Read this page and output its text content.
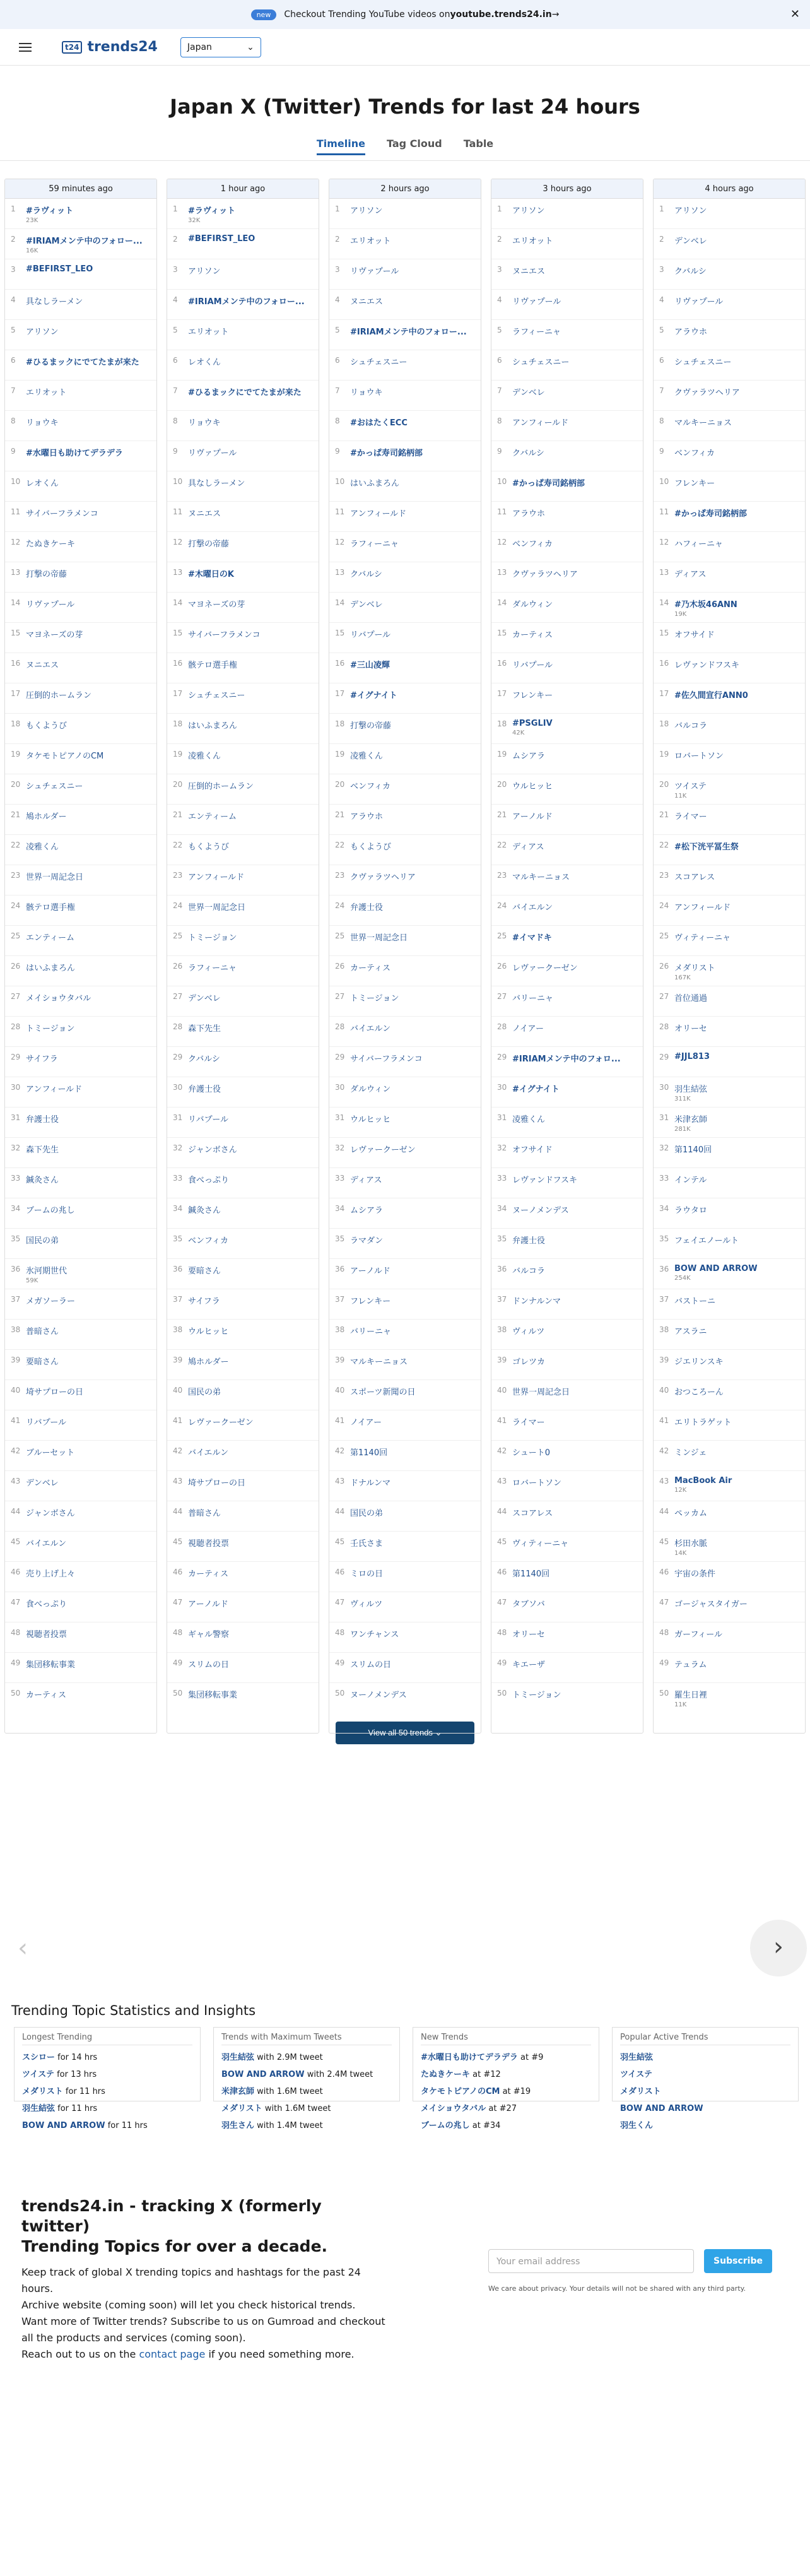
new	Checkout Trending YouTube videos on youtube.trends24.in →	✕
t24 trends24	Japan	⌄
Japan X (Twitter) Trends for last 24 hours
Timeline Tag Cloud Table
59 minutes ago
1	#ラヴィット
23K
2	#IRIAMメンテ中のフォロー...
16K
3	#BEFIRST_LEO
4	具なしラーメン
5	アリソン
6	#ひるまックにでてたまが来た
7	エリオット
8	リョウキ
9	#水曜日も助けてデラデラ
10 レオくん
11 サイバーフラメンコ
12 たぬきケーキ
13 打撃の帝藤
14 リヴァプール
15 マヨネーズの芽
16 ヌニエス
17 圧倒的ホームラン
18 もくようび
19 タケモトピアノのCM
20 シュチェスニー
21 鳩ホルダー
22 凌雅くん
23 世界一周記念日
24 骸テロ選手権
25 エンティーム
26 はいふまろん
27 メイショウタバル
28 トミージョン
29 サイフラ
30 アンフィールド
31 弁護士役
32 森下先生
33 鍼灸さん
34 ブームの兆し
35 国民の弟
36 氷河期世代
59K
37 メガソーラー
38 普暗さん
39 要暗さん
40 埼サプローの日
41 リバプール
42 ブルーセット
43 デンベレ
44 ジャンボさん
45 バイエルン
46 売り上げ上々
47 食べっぷり
48 視聴者投票
49 集団移転事業
50 カーティス
1 hour ago
1	#ラヴィット
32K
2	#BEFIRST_LEO
3	アリソン
4	#IRIAMメンテ中のフォロー...
5	エリオット
6	レオくん
7	#ひるまックにでてたまが来た
8	リョウキ
9	リヴァプール
10 具なしラーメン
11 ヌニエス
12 打撃の帝藤
13 #木曜日のK
14 マヨネーズの芽
15 サイバーフラメンコ
16 骸テロ選手権
17 シュチェスニー
18 はいふまろん
19 凌雅くん
20 圧倒的ホームラン
21 エンティーム
22 もくようび
23 アンフィールド
24 世界一周記念日
25 トミージョン
26 ラフィーニャ
27 デンベレ
28 森下先生
29 クバルシ
30 弁護士役
31 リバプール
32 ジャンボさん
33 食べっぷり
34 鍼灸さん
35 ベンフィカ
36 要暗さん
37 サイフラ
38 ウルヒッヒ
39 鳩ホルダー
40 国民の弟
41 レヴァークーゼン
42 バイエルン
43 埼サプローの日
44 普暗さん
45 視聴者投票
46 カーティス
47 アーノルド
48 ギャル警察
49 スリムの日
50 集団移転事業
2 hours ago
1	アリソン
2	エリオット
3	リヴァプール
4	ヌニエス
5	#IRIAMメンテ中のフォロー...
6	シュチェスニー
7	リョウキ
8	#おはたくECC
9	#かっぱ寿司銘柄部
10 はいふまろん
11 アンフィールド
12 ラフィーニャ
13 クバルシ
14 デンベレ
15 リバプール
16 #三山凌輝
17 #イグナイト
18 打撃の帝藤
19 凌雅くん
20 ベンフィカ
21 アラウホ
22 もくようび
23 クヴァラツヘリア
24 弁護士役
25 世界一周記念日
26 カーティス
27 トミージョン
28 バイエルン
29 サイバーフラメンコ
30 ダルウィン
31 ウルヒッヒ
32 レヴァークーゼン
33 ディアス
34 ムシアラ
35 ラマダン
36 アーノルド
37 フレンキー
38 バリーニャ
39 マルキーニョス
40 スポーツ新聞の日
41 ノイアー
42 第1140回
43 ドナルンマ
44 国民の弟
45 壬氏さま
46 ミロの日
47 ヴィルツ
48 ワンチャンス
49 スリムの日
50 ヌーノメンデス
3 hours ago
1	アリソン
2	エリオット
3	ヌニエス
4	リヴァプール
5	ラフィーニャ
6	シュチェスニー
7	デンベレ
8	アンフィールド
9	クバルシ
10 #かっぱ寿司銘柄部
11 アラウホ
12 ベンフィカ
13 クヴァラツヘリア
14 ダルウィン
15 カーティス
16 リバプール
17 フレンキー
18 #PSGLIV
42K
19 ムシアラ
20 ウルヒッヒ
21 アーノルド
22 ディアス
23 マルキーニョス
24 バイエルン
25 #イマドキ
26 レヴァークーゼン
27 バリーニャ
28 ノイアー
29 #IRIAMメンテ中のフォロ...
30 #イグナイト
31 凌雅くん
32 オフサイド
33 レヴァンドフスキ
34 ヌーノメンデス
35 弁護士役
36 バルコラ
37 ドンナルンマ
38 ヴィルツ
39 ゴレツカ
40 世界一周記念日
41 ライマー
42 シュート0
43 ロバートソン
44 スコアレス
45 ヴィティーニャ
46 第1140回
47 タブソバ
48 オリーセ
49 キエーザ
50 トミージョン
4 hours ago
1	アリソン
2	デンベレ
3	クバルシ
4	リヴァプール
5	アラウホ
6	シュチェスニー
7	クヴァラツヘリア
8	マルキーニョス
9	ベンフィカ
10 フレンキー
11 #かっぱ寿司銘柄部
12 ハフィーニャ
13 ディアス
14 #乃木坂46ANN
19K
15 オフサイド
16 レヴァンドフスキ
17 #佐久間宣行ANN0
18 バルコラ
19 ロバートソン
20 ツイステ
11K
21 ライマー
22 #松下洸平冨生祭
23 スコアレス
24 アンフィールド
25 ヴィティーニャ
26 メダリスト
167K
27 首位通過
28 オリーセ
29 #JJL813
30 羽生結弦
311K
31 米津玄師
281K
32 第1140回
33 インテル
34 ラウタロ
35 フェイエノールト
36 BOW AND ARROW
254K
37 バストーニ
38 アスラニ
39 ジエリンスキ
40 おつころーん
41 エリトラゲット
42 ミンジェ
43 MacBook Air
12K
44 ペッカム
45 杉田水脈
14K
46 宇宙の条件
47 ゴージャスタイガー
48 ガーフィール
49 テュラム
50 羅生日裡
11K
View all 50 trends ⌄
‹	›
Trending Topic Statistics and Insights
Longest Trending
スシロー for 14 hrs
ツイステ for 13 hrs
メダリスト for 11 hrs
羽生結弦 for 11 hrs
BOW AND ARROW for 11 hrs
Trends with Maximum Tweets
羽生結弦 with 2.9M tweet
BOW AND ARROW with 2.4M tweet
米津玄師 with 1.6M tweet
メダリスト with 1.6M tweet
羽生さん with 1.4M tweet
New Trends
#水曜日も助けてデラデラ at #9
たぬきケーキ at #12
タケモトピアノのCM at #19
メイショウタバル at #27
ブームの兆し at #34
Popular Active Trends
羽生結弦
ツイステ
メダリスト
BOW AND ARROW
羽生くん
trends24.in - tracking X (formerly twitter)
Trending Topics for over a decade.

Keep track of global X trending topics and hashtags for the past 24 hours.
Archive website (coming soon) will let you check historical trends.
Want more of Twitter trends? Subscribe to us on Gumroad and checkout all the products and services (coming soon).
Reach out to us on the contact page if you need something more.

Your email address	Subscribe
We care about privacy. Your details will not be shared with any third party.
